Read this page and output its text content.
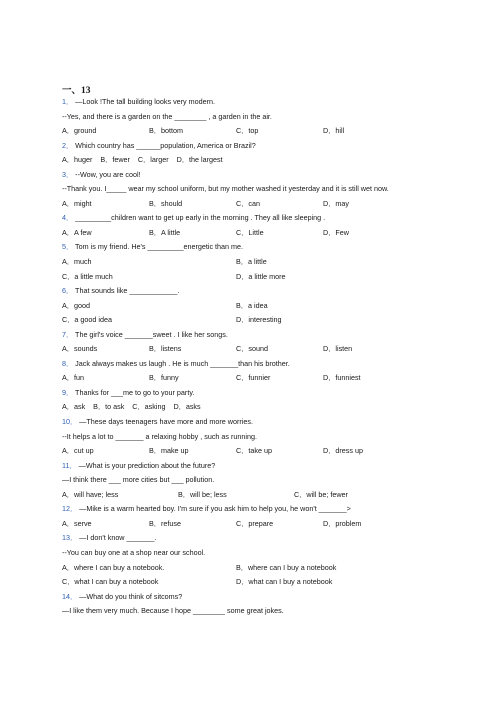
一、13
1． —Look !The tall building looks very modern.
--Yes, and there is a garden on the ________ , a garden in the air.
A．ground	B．bottom	C．top	D．hill
2． Which country has ______population, America or Brazil?
A．huger    B．fewer    C．larger    D．the largest
3． --Wow, you are cool!
--Thank you. I_____ wear my school uniform, but my mother washed it yesterday and it is still wet now.
A．might	B．should	C．can	D．may
4． _________children want to get up early in the morning . They all like sleeping .
A．A few	B．A little	C．Little	D．Few
5． Tom is my friend. He's _________energetic than me.
A．much	B．a little
C．a little much	D．a little more
6． That sounds like ____________.
A．good	B．a idea
C．a good idea	D．interesting
7． The girl's voice _______sweet . I like her songs.
A．sounds	B．listens	C．sound	D．listen
8． Jack always makes us laugh . He is much _______than his brother.
A．fun	B．funny	C．funnier	D．funniest
9． Thanks for ___me to go to your party.
A．ask    B．to ask    C．asking    D．asks
10． —These days teenagers have more and more worries.
--It helps a lot to _______ a relaxing hobby , such as running.
A．cut up	B．make up	C．take up	D．dress up
11． —What is your prediction about the future?
—I think there ___ more cities but ___ pollution.
A．will have; less	B．will be; less	C．will be; fewer
12． —Mike is a warm hearted boy. I'm sure if you ask him to help you, he won't _______>
A．serve	B．refuse	C．prepare	D．problem
13． —I don't know _______.
--You can buy one at a shop near our school.
A．where I can buy a notebook.	B．where can I buy a notebook
C．what I can buy a notebook	D．what can I buy a notebook
14． —What do you think of sitcoms?
—I like them very much. Because I hope ________ some great jokes.
